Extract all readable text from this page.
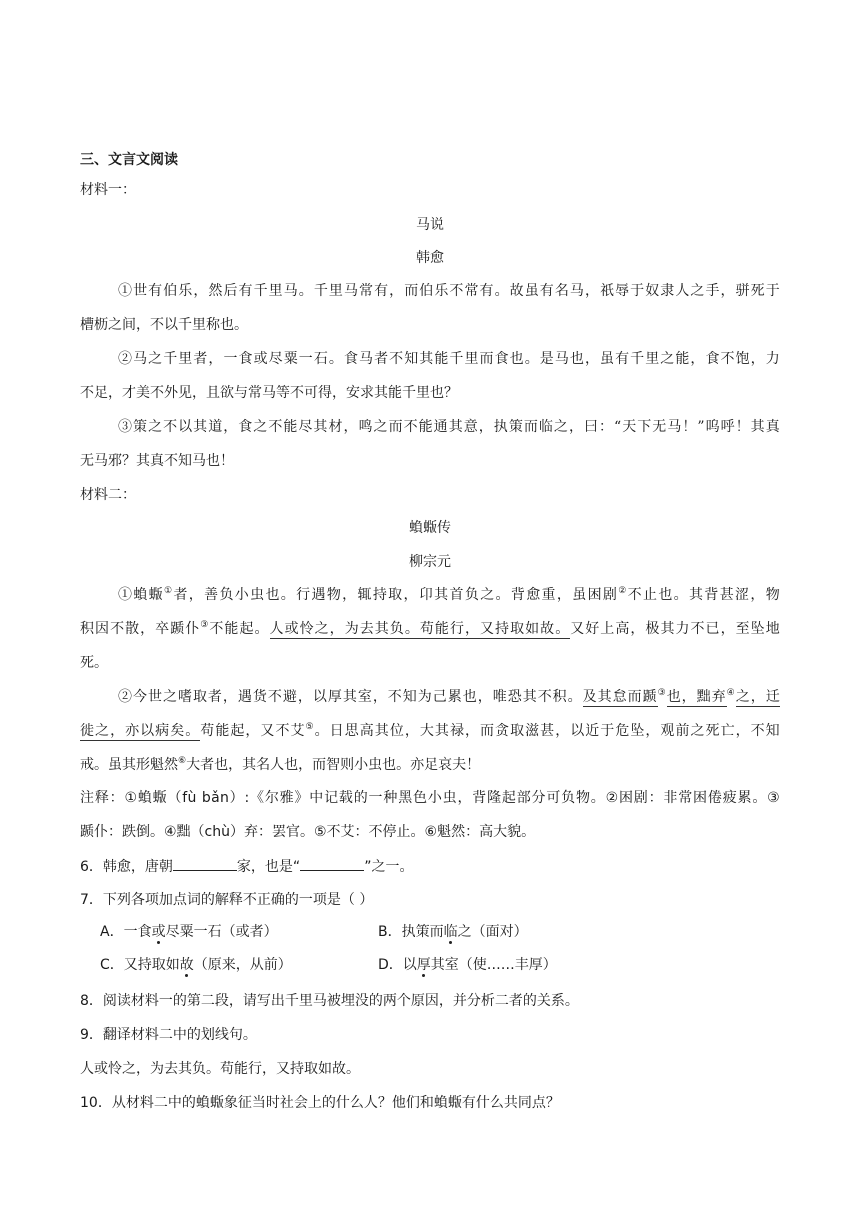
三、文言文阅读
材料一：
马说
韩愈
①世有伯乐，然后有千里马。千里马常有，而伯乐不常有。故虽有名马，祇辱于奴隶人之手，骈死于
槽枥之间，不以千里称也。
②马之千里者，一食或尽粟一石。食马者不知其能千里而食也。是马也，虽有千里之能，食不饱，力
不足，才美不外见，且欲与常马等不可得，安求其能千里也？
③策之不以其道，食之不能尽其材，鸣之而不能通其意，执策而临之，曰：“天下无马！”呜呼！其真
无马邪？其真不知马也！
材料二：
蝜蝂传
柳宗元
①蝜蝂①者，善负小虫也。行遇物，辄持取，卬其首负之。背愈重，虽困剧②不止也。其背甚涩，物
积因不散，卒踬仆③不能起。人或怜之，为去其负。苟能行，又持取如故。又好上高，极其力不已，至坠地
死。
②今世之嗜取者，遇货不避，以厚其室，不知为己累也，唯恐其不积。及其怠而踬③也，黜弃④之，迁
徙之，亦以病矣。苟能起，又不艾⑤。日思高其位，大其禄，而贪取滋甚，以近于危坠，观前之死亡，不知
戒。虽其形魁然⑥大者也，其名人也，而智则小虫也。亦足哀夫！
注释：①蝜蝂（fù bǎn）:《尔雅》中记载的一种黑色小虫，背隆起部分可负物。②困剧：非常困倦疲累。③
踬仆：跌倒。④黜（chù）弃：罢官。⑤不艾：不停止。⑥魁然：高大貌。
6．韩愈，唐朝	家，也是“	”之一。
7．下列各项加点词的解释不正确的一项是（ ）
A．一食或尽粟一石（或者）	B．执策而临之（面对）
C．又持取如故（原来，从前）	D．以厚其室（使……丰厚）
8．阅读材料一的第二段，请写出千里马被埋没的两个原因，并分析二者的关系。
9．翻译材料二中的划线句。
人或怜之，为去其负。苟能行，又持取如故。
10．从材料二中的蝜蝂象征当时社会上的什么人？他们和蝜蝂有什么共同点？
